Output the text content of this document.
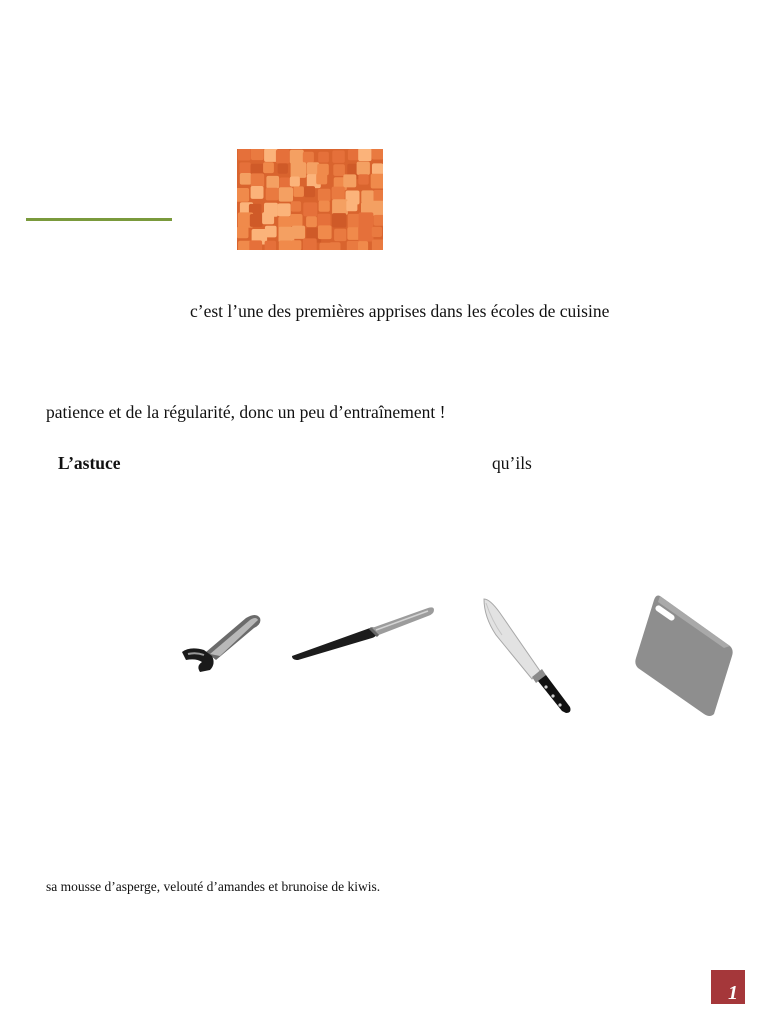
c’est l’une des premières apprises dans les écoles de cuisine
patience et de la régularité, donc un peu d’entraînement !
L’astuce	qu’ils
sa mousse d’asperge, velouté d’amandes et brunoise de kiwis.
1
